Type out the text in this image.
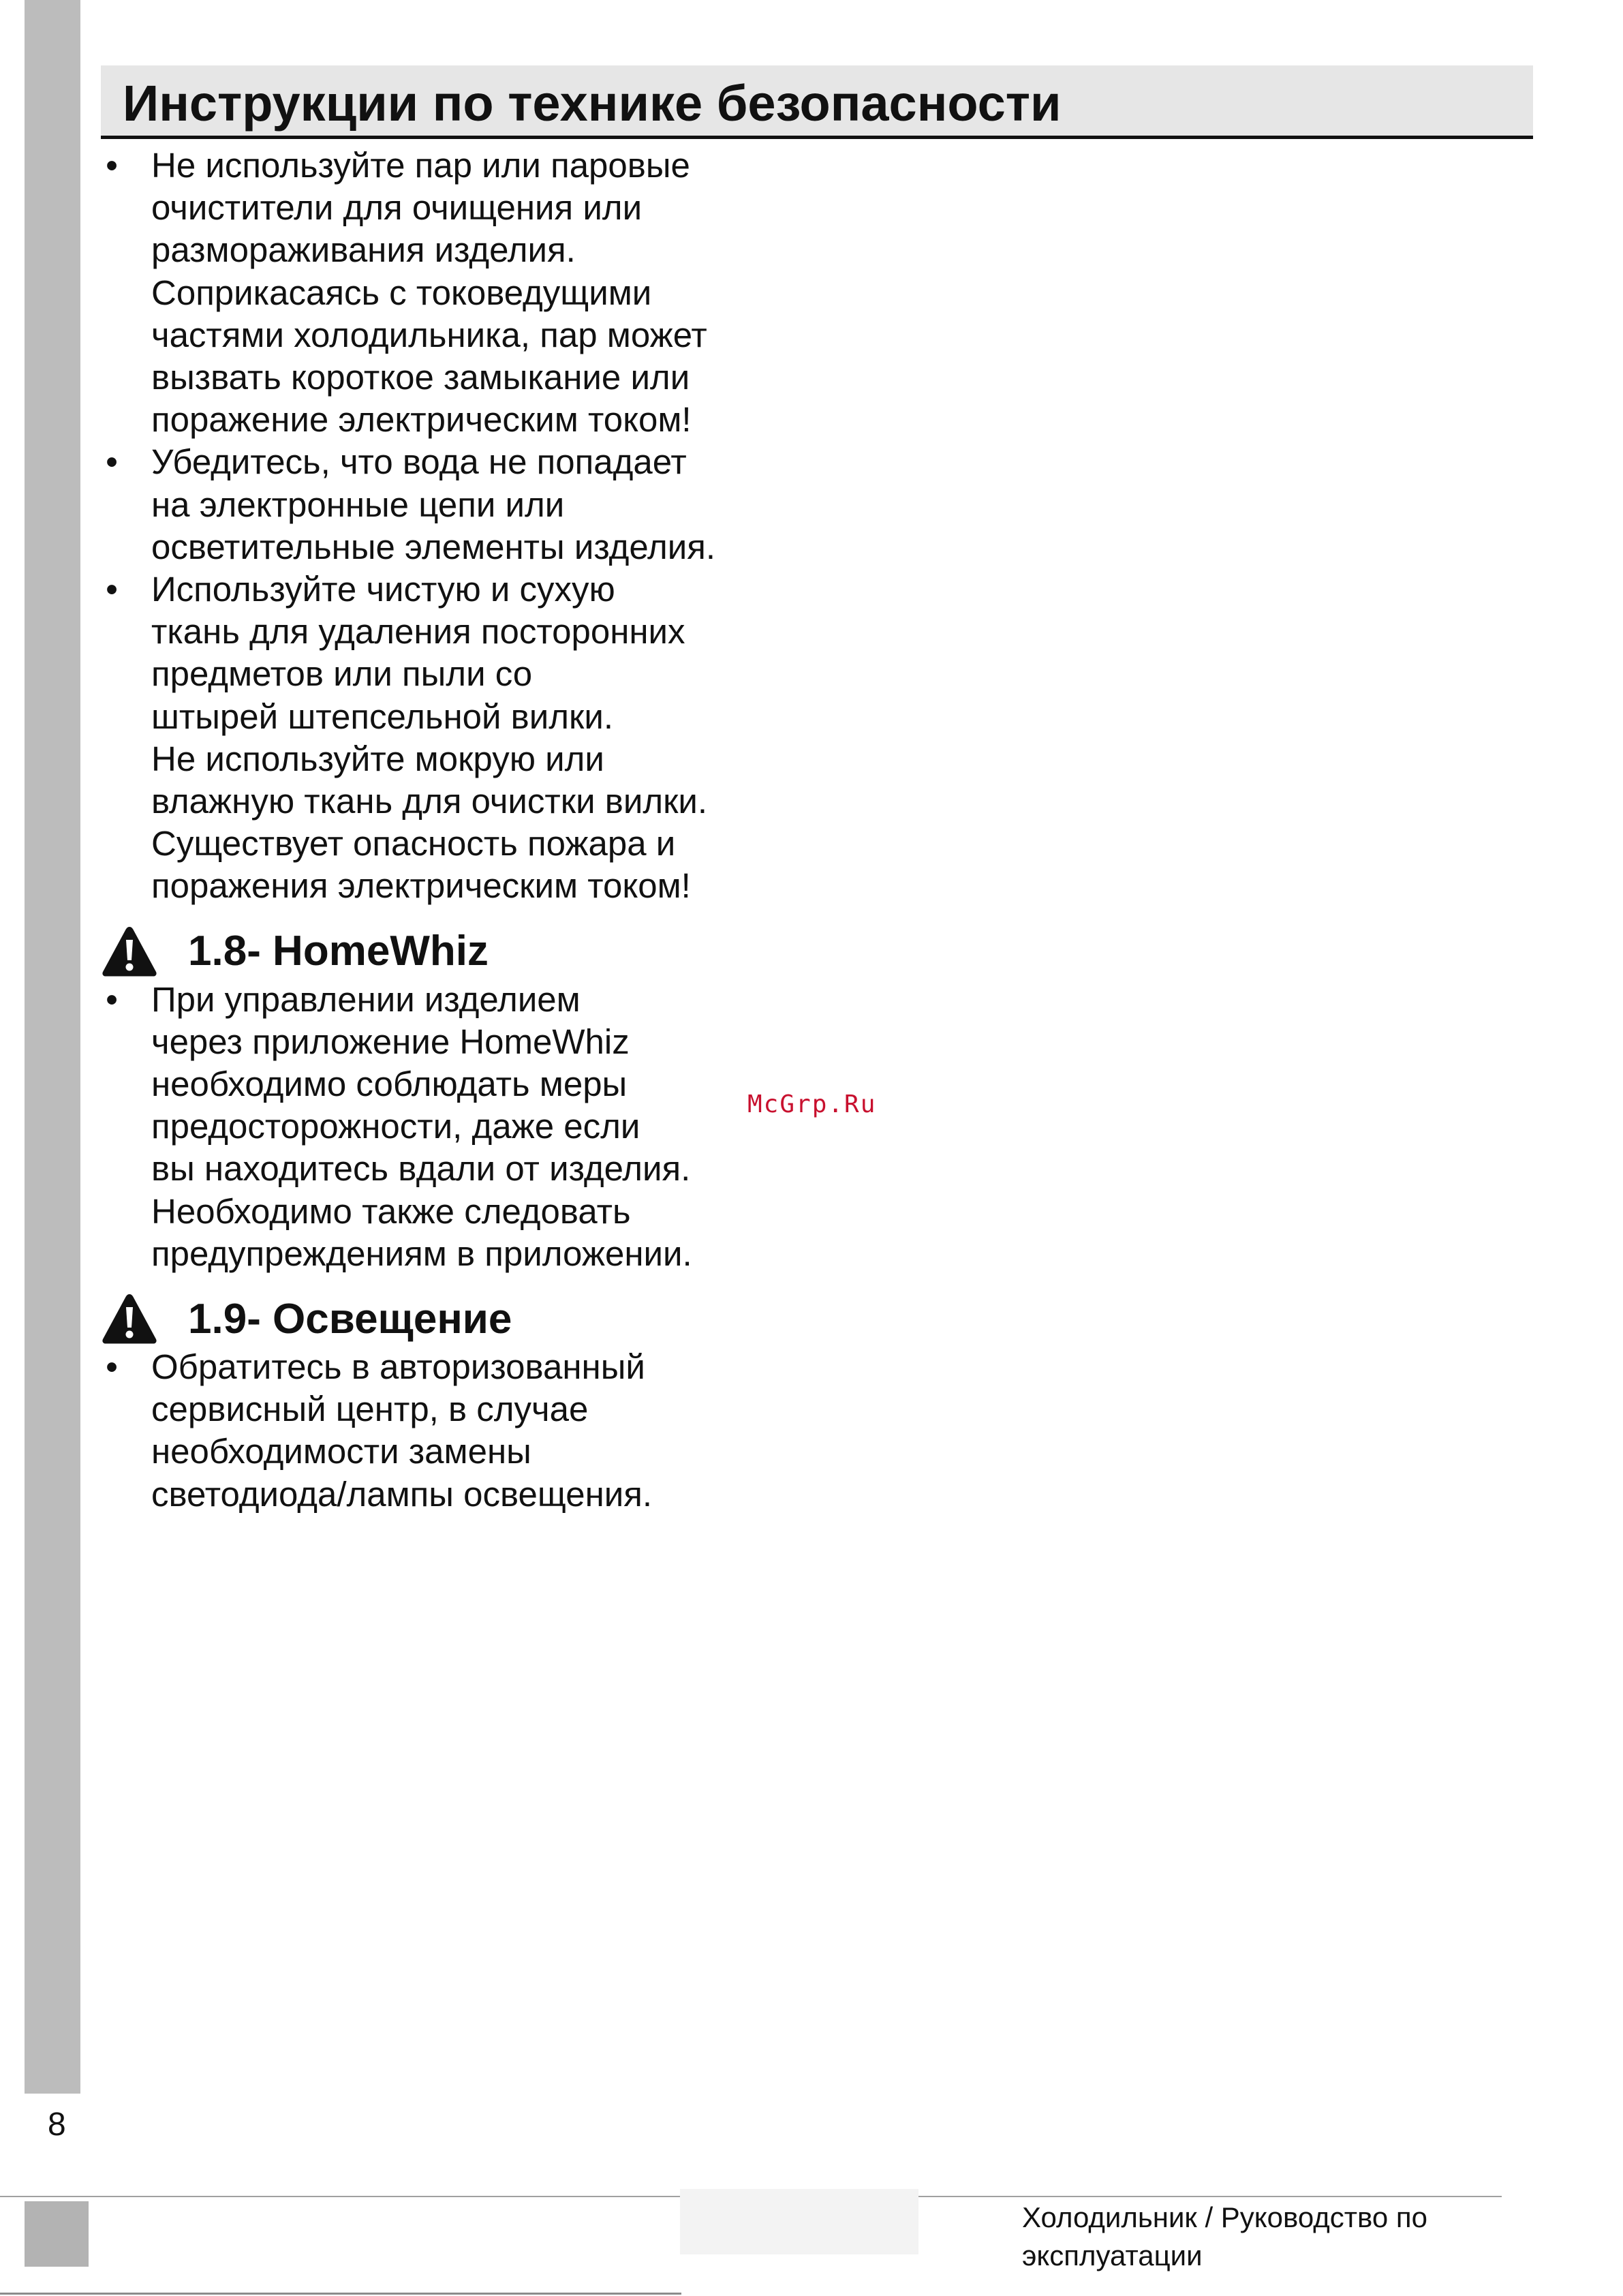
Инструкции по технике безопасности
• Не используйте пар или паровые
очистители для очищения или
размораживания изделия.
Соприкасаясь с токоведущими
частями холодильника, пар может
вызвать короткое замыкание или
поражение электрическим током!
• Убедитесь, что вода не попадает
на электронные цепи или
осветительные элементы изделия.
• Используйте чистую и сухую
ткань для удаления посторонних
предметов или пыли со
штырей штепсельной вилки.
Не используйте мокрую или
влажную ткань для очистки вилки.
Существует опасность пожара и
поражения электрическим током!
1.8- HomeWhiz
• При управлении изделием
через приложение HomeWhiz
необходимо соблюдать меры
предосторожности, даже если
вы находитесь вдали от изделия.
Необходимо также следовать
предупреждениям в приложении.
1.9- Освещение
• Обратитесь в авторизованный
сервисный центр, в случае
необходимости замены
светодиода/лампы освещения.
McGrp.Ru
8
Холодильник / Руководство по
эксплуатации
